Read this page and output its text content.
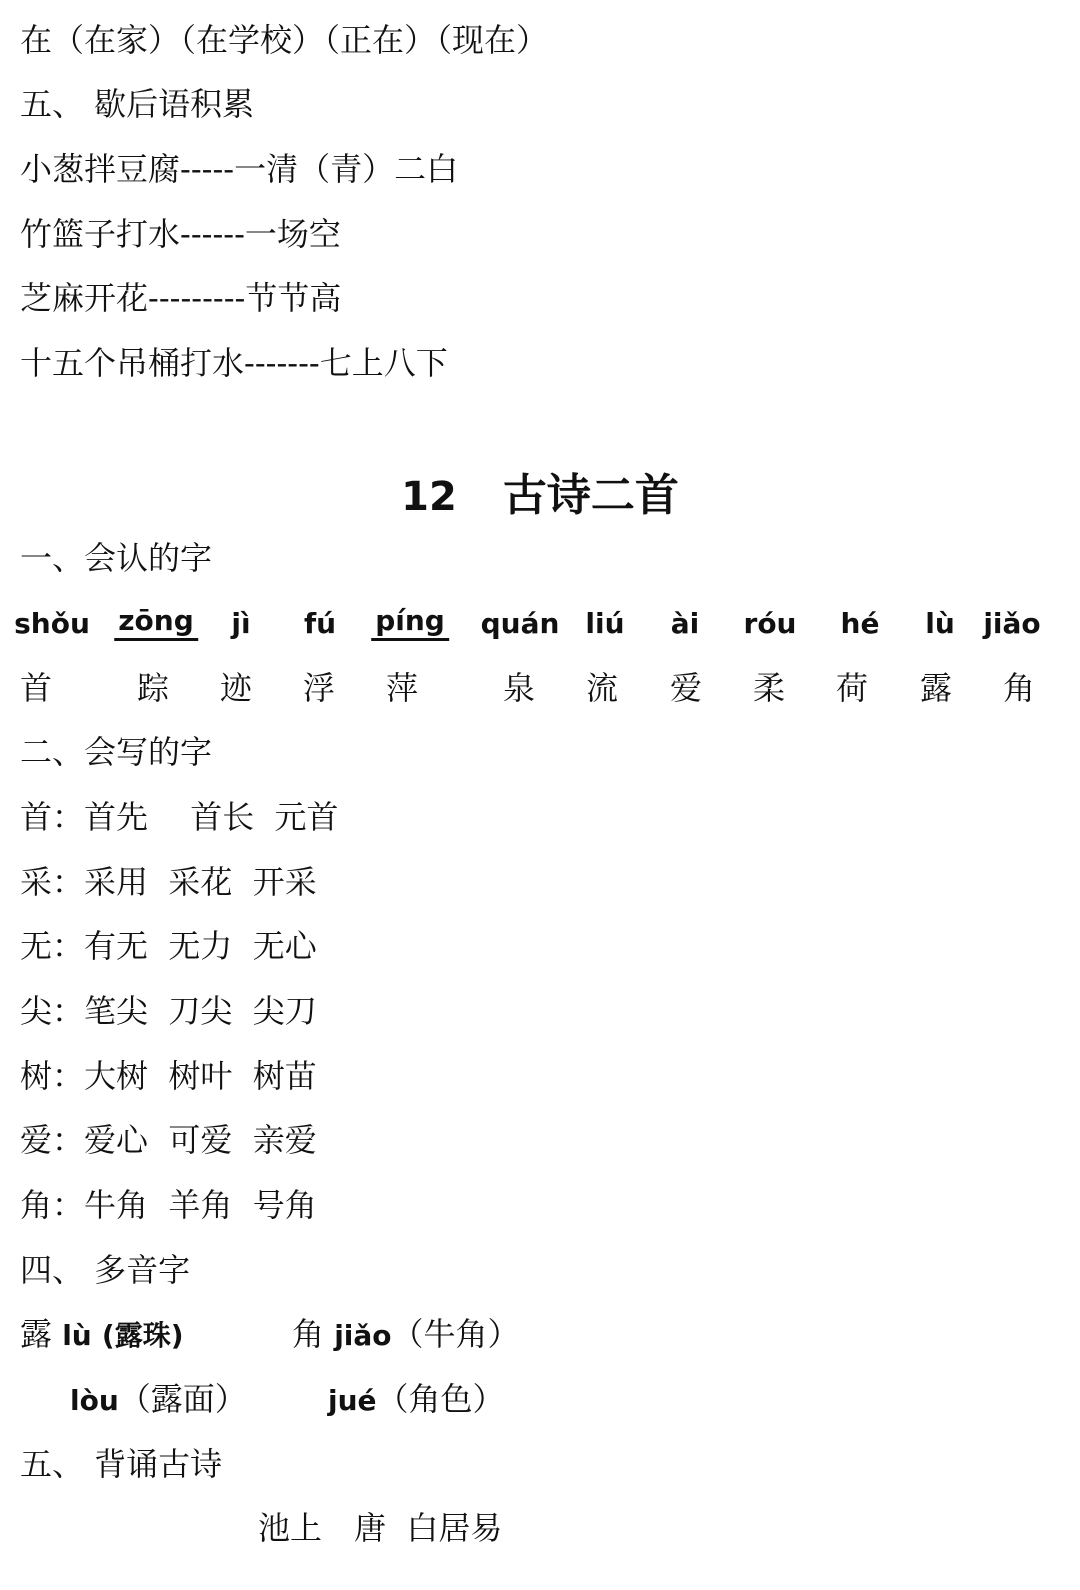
在（在家）（在学校）（正在）（现在）
五、 歇后语积累
小葱拌豆腐-----一清（青）二白
竹篮子打水------一场空
芝麻开花---------节节高
十五个吊桶打水-------七上八下
12 古诗二首
一、会认的字
shǒu zōng jì fú píng quán liú ài róu hé lù jiǎo
首	踪 迹 浮 萍	泉 流 爱 柔 荷 露 角
二、会写的字
首：首先　 首长  元首
采：采用  采花  开采
无：有无  无力  无心
尖：笔尖  刀尖  尖刀
树：大树  树叶  树苗
爱：爱心  可爱  亲爱
角：牛角  羊角  号角
四、 多音字
露 lù (露珠)	角 jiǎo（牛角）
lòu（露面）	jué（角色）
五、 背诵古诗
池上　 唐  白居易
